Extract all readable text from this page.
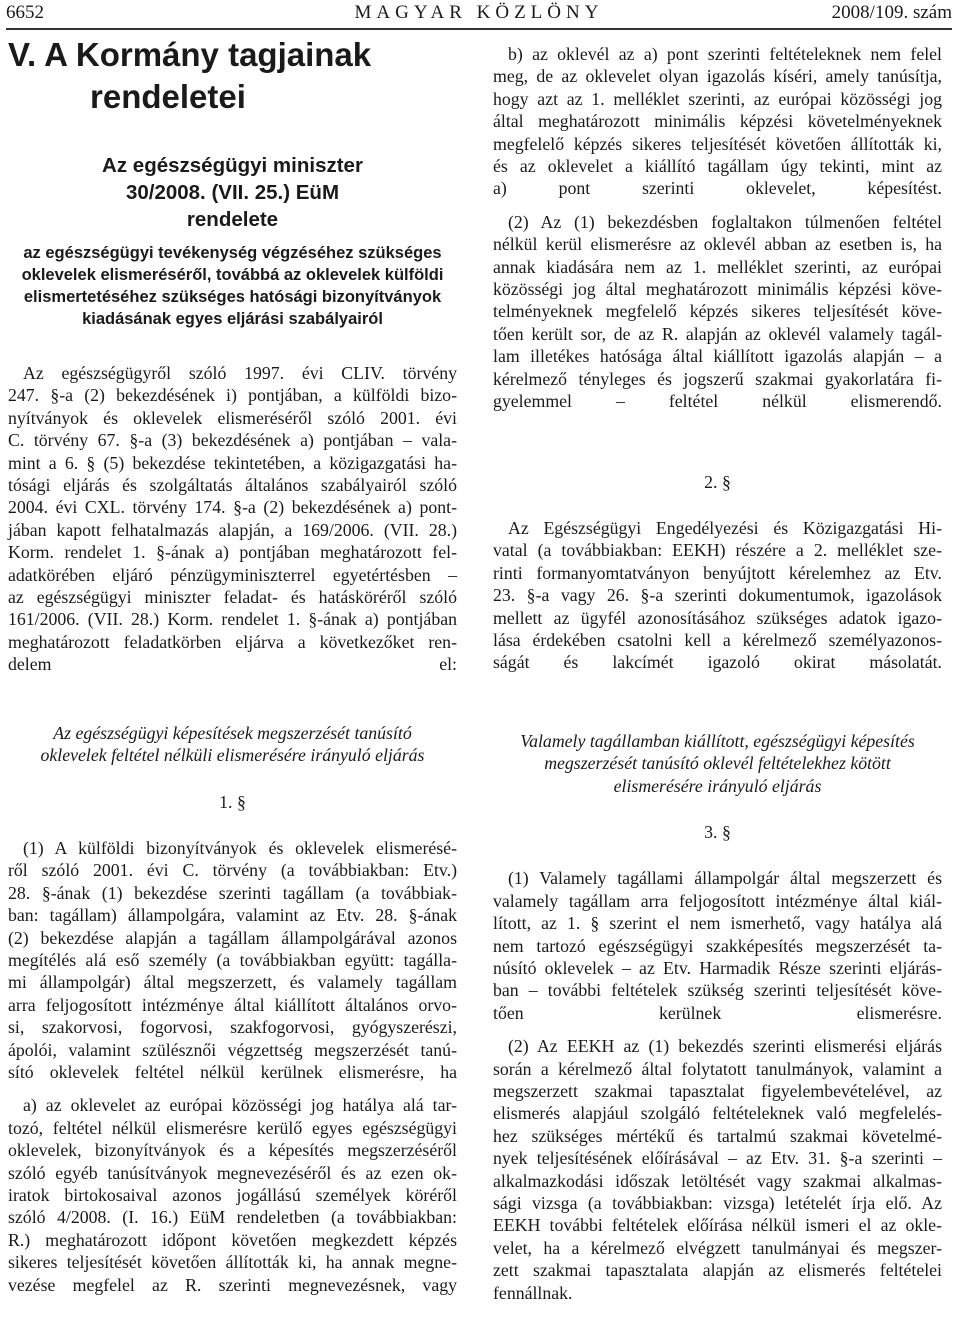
6652	MAGYAR KÖZLÖNY	2008/109. szám
V. A Kormány tagjainak
rendeletei
Az egészségügyi miniszter
30/2008. (VII. 25.) EüM
rendelete
az egészségügyi tevékenység végzéséhez szükséges
oklevelek elismeréséről, továbbá az oklevelek külföldi
elismertetéséhez szükséges hatósági bizonyítványok
kiadásának egyes eljárási szabályairól

Az egészségügyről szóló 1997. évi CLIV. törvény

247. §-a (2) bekezdésének i) pontjában, a külföldi bizo-

nyítványok és oklevelek elismeréséről szóló 2001. évi

C. törvény 67. §-a (3) bekezdésének a) pontjában – vala-

mint a 6. § (5) bekezdése tekintetében, a közigazgatási ha-

tósági eljárás és szolgáltatás általános szabályairól szóló

2004. évi CXL. törvény 174. §-a (2) bekezdésének a) pont-

jában kapott felhatalmazás alapján, a 169/2006. (VII. 28.)

Korm. rendelet 1. §-ának a) pontjában meghatározott fel-

adatkörében eljáró pénzügyminiszterrel egyetértésben –

az egészségügyi miniszter feladat- és hatásköréről szóló

161/2006. (VII. 28.) Korm. rendelet 1. §-ának a) pontjában

meghatározott feladatkörben eljárva a következőket ren-

delem el:

Az egészségügyi képesítések megszerzését tanúsító

oklevelek feltétel nélküli elismerésére irányuló eljárás

1. §

(1) A külföldi bizonyítványok és oklevelek elismerésé-

ről szóló 2001. évi C. törvény (a továbbiakban: Etv.)

28. §-ának (1) bekezdése szerinti tagállam (a továbbiak-

ban: tagállam) állampolgára, valamint az Etv. 28. §-ának

(2) bekezdése alapján a tagállam állampolgárával azonos

megítélés alá eső személy (a továbbiakban együtt: tagálla-

mi állampolgár) által megszerzett, és valamely tagállam

arra feljogosított intézménye által kiállított általános orvo-

si, szakorvosi, fogorvosi, szakfogorvosi, gyógyszerészi,

ápolói, valamint szülésznői végzettség megszerzését tanú-

sító oklevelek feltétel nélkül kerülnek elismerésre, ha

a) az oklevelet az európai közösségi jog hatálya alá tar-

tozó, feltétel nélkül elismerésre kerülő egyes egészségügyi

oklevelek, bizonyítványok és a képesítés megszerzéséről

szóló egyéb tanúsítványok megnevezéséről és az ezen ok-

iratok birtokosaival azonos jogállású személyek köréről

szóló 4/2008. (I. 16.) EüM rendeletben (a továbbiakban:

R.) meghatározott időpont követően megkezdett képzés

sikeres teljesítését követően állították ki, ha annak megne-

vezése megfelel az R. szerinti megnevezésnek, vagy

b) az oklevél az a) pont szerinti feltételeknek nem felel

meg, de az oklevelet olyan igazolás kíséri, amely tanúsítja,

hogy azt az 1. melléklet szerinti, az európai közösségi jog

által meghatározott minimális képzési követelményeknek

megfelelő képzés sikeres teljesítését követően állították ki,

és az oklevelet a kiállító tagállam úgy tekinti, mint az

a) pont szerinti oklevelet, képesítést.

(2) Az (1) bekezdésben foglaltakon túlmenően feltétel

nélkül kerül elismerésre az oklevél abban az esetben is, ha

annak kiadására nem az 1. melléklet szerinti, az európai

közösségi jog által meghatározott minimális képzési köve-

telményeknek megfelelő képzés sikeres teljesítését köve-

tően került sor, de az R. alapján az oklevél valamely tagál-

lam illetékes hatósága által kiállított igazolás alapján – a

kérelmező tényleges és jogszerű szakmai gyakorlatára fi-

gyelemmel – feltétel nélkül elismerendő.

2. §

Az Egészségügyi Engedélyezési és Közigazgatási Hi-

vatal (a továbbiakban: EEKH) részére a 2. melléklet sze-

rinti formanyomtatványon benyújtott kérelemhez az Etv.

23. §-a vagy 26. §-a szerinti dokumentumok, igazolások

mellett az ügyfél azonosításához szükséges adatok igazo-

lása érdekében csatolni kell a kérelmező személyazonos-

ságát és lakcímét igazoló okirat másolatát.

Valamely tagállamban kiállított, egészségügyi képesítés

megszerzését tanúsító oklevél feltételekhez kötött

elismerésére irányuló eljárás

3. §

(1) Valamely tagállami állampolgár által megszerzett és

valamely tagállam arra feljogosított intézménye által kiál-

lított, az 1. § szerint el nem ismerhető, vagy hatálya alá

nem tartozó egészségügyi szakképesítés megszerzését ta-

núsító oklevelek – az Etv. Harmadik Része szerinti eljárás-

ban – további feltételek szükség szerinti teljesítését köve-

tően kerülnek elismerésre.

(2) Az EEKH az (1) bekezdés szerinti elismerési eljárás

során a kérelmező által folytatott tanulmányok, valamint a

megszerzett szakmai tapasztalat figyelembevételével, az

elismerés alapjául szolgáló feltételeknek való megfelelés-

hez szükséges mértékű és tartalmú szakmai követelmé-

nyek teljesítésének előírásával – az Etv. 31. §-a szerinti –

alkalmazkodási időszak letöltését vagy szakmai alkalmas-

sági vizsga (a továbbiakban: vizsga) letételét írja elő. Az

EEKH további feltételek előírása nélkül ismeri el az okle-

velet, ha a kérelmező elvégzett tanulmányai és megszer-

zett szakmai tapasztalata alapján az elismerés feltételei

fennállnak.
